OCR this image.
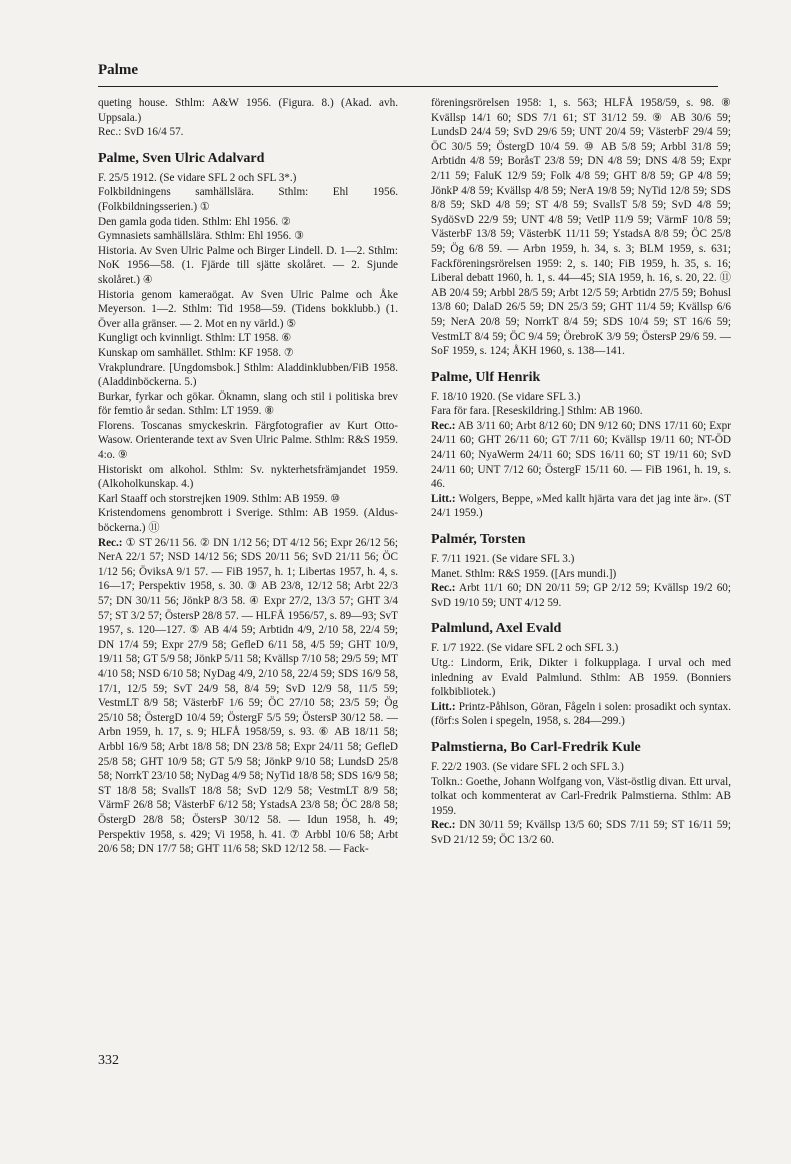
Palme

queting house. Sthlm: A&W 1956. (Figura. 8.) (Akad. avh. Uppsala.)

Rec.: SvD 16/4 57.

Palme, Sven Ulric Adalvard

F. 25/5 1912. (Se vidare SFL 2 och SFL 3*.)

Folkbildningens samhällslära. Sthlm: Ehl 1956. (Folkbildningsserien.) ①

Den gamla goda tiden. Sthlm: Ehl 1956. ②

Gymnasiets samhällslära. Sthlm: Ehl 1956. ③

Historia. Av Sven Ulric Palme och Birger Lindell. D. 1—2. Sthlm: NoK 1956—58. (1. Fjärde till sjätte skolåret. — 2. Sjunde skolåret.) ④

Historia genom kameraögat. Av Sven Ulric Palme och Åke Meyerson. 1—2. Sthlm: Tid 1958—59. (Tidens bokklubb.) (1. Över alla gränser. — 2. Mot en ny värld.) ⑤

Kungligt och kvinnligt. Sthlm: LT 1958. ⑥

Kunskap om samhället. Sthlm: KF 1958. ⑦

Vrakplundrare. [Ungdomsbok.] Sthlm: Aladdinklubben/FiB 1958. (Aladdinböckerna. 5.)

Burkar, fyrkar och gökar. Öknamn, slang och stil i politiska brev för femtio år sedan. Sthlm: LT 1959. ⑧

Florens. Toscanas smyckeskrin. Färgfotografier av Kurt Otto-Wasow. Orienterande text av Sven Ulric Palme. Sthlm: R&S 1959. 4:o. ⑨

Historiskt om alkohol. Sthlm: Sv. nykterhetsfrämjandet 1959. (Alkoholkunskap. 4.)

Karl Staaff och storstrejken 1909. Sthlm: AB 1959. ⑩

Kristendomens genombrott i Sverige. Sthlm: AB 1959. (Aldus-böckerna.) ⑪

Rec.: ① ST 26/11 56. ② DN 1/12 56; DT 4/12 56; Expr 26/12 56; NerA 22/1 57; NSD 14/12 56; SDS 20/11 56; SvD 21/11 56; ÖC 1/12 56; ÖviksA 9/1 57. — FiB 1957, h. 1; Libertas 1957, h. 4, s. 16—17; Perspektiv 1958, s. 30. ③ AB 23/8, 12/12 58; Arbt 22/3 57; DN 30/11 56; JönkP 8/3 58. ④ Expr 27/2, 13/3 57; GHT 3/4 57; ST 3/2 57; ÖstersP 28/8 57. — HLFÅ 1956/57, s. 89—93; SvT 1957, s. 120—127. ⑤ AB 4/4 59; Arbtidn 4/9, 2/10 58, 22/4 59; DN 17/4 59; Expr 27/9 58; GefleD 6/11 58, 4/5 59; GHT 10/9, 19/11 58; GT 5/9 58; JönkP 5/11 58; Kvällsp 7/10 58; 29/5 59; MT 4/10 58; NSD 6/10 58; NyDag 4/9, 2/10 58, 22/4 59; SDS 16/9 58, 17/1, 12/5 59; SvT 24/9 58, 8/4 59; SvD 12/9 58, 11/5 59; VestmLT 8/9 58; VästerbF 1/6 59; ÖC 27/10 58; 23/5 59; Ög 25/10 58; ÖstergD 10/4 59; ÖstergF 5/5 59; ÖstersP 30/12 58. — Arbn 1959, h. 17, s. 9; HLFÅ 1958/59, s. 93. ⑥ AB 18/11 58; Arbbl 16/9 58; Arbt 18/8 58; DN 23/8 58; Expr 24/11 58; GefleD 25/8 58; GHT 10/9 58; GT 5/9 58; JönkP 9/10 58; LundsD 25/8 58; NorrkT 23/10 58; NyDag 4/9 58; NyTid 18/8 58; SDS 16/9 58; ST 18/8 58; SvallsT 18/8 58; SvD 12/9 58; VestmLT 8/9 58; VärmF 26/8 58; VästerbF 6/12 58; YstadsA 23/8 58; ÖC 28/8 58; ÖstergD 28/8 58; ÖstersP 30/12 58. — Idun 1958, h. 49; Perspektiv 1958, s. 429; Vi 1958, h. 41. ⑦ Arbbl 10/6 58; Arbt 20/6 58; DN 17/7 58; GHT 11/6 58; SkD 12/12 58. — Fack-

föreningsrörelsen 1958: 1, s. 563; HLFÅ 1958/59, s. 98. ⑧ Kvällsp 14/1 60; SDS 7/1 61; ST 31/12 59. ⑨ AB 30/6 59; LundsD 24/4 59; SvD 29/6 59; UNT 20/4 59; VästerbF 29/4 59; ÖC 30/5 59; ÖstergD 10/4 59. ⑩ AB 5/8 59; Arbbl 31/8 59; Arbtidn 4/8 59; BoråsT 23/8 59; DN 4/8 59; DNS 4/8 59; Expr 2/11 59; FaluK 12/9 59; Folk 4/8 59; GHT 8/8 59; GP 4/8 59; JönkP 4/8 59; Kvällsp 4/8 59; NerA 19/8 59; NyTid 12/8 59; SDS 8/8 59; SkD 4/8 59; ST 4/8 59; SvallsT 5/8 59; SvD 4/8 59; SydöSvD 22/9 59; UNT 4/8 59; VetlP 11/9 59; VärmF 10/8 59; VästerbF 13/8 59; VästerbK 11/11 59; YstadsA 8/8 59; ÖC 25/8 59; Ög 6/8 59. — Arbn 1959, h. 34, s. 3; BLM 1959, s. 631; Fackföreningsrörelsen 1959: 2, s. 140; FiB 1959, h. 35, s. 16; Liberal debatt 1960, h. 1, s. 44—45; SIA 1959, h. 16, s. 20, 22. ⑪ AB 20/4 59; Arbbl 28/5 59; Arbt 12/5 59; Arbtidn 27/5 59; Bohusl 13/8 60; DalaD 26/5 59; DN 25/3 59; GHT 11/4 59; Kvällsp 6/6 59; NerA 20/8 59; NorrkT 8/4 59; SDS 10/4 59; ST 16/6 59; VestmLT 8/4 59; ÖC 9/4 59; ÖrebroK 3/9 59; ÖstersP 29/6 59. — SoF 1959, s. 124; ÅKH 1960, s. 138—141.

Palme, Ulf Henrik

F. 18/10 1920. (Se vidare SFL 3.)

Fara för fara. [Reseskildring.] Sthlm: AB 1960.

Rec.: AB 3/11 60; Arbt 8/12 60; DN 9/12 60; DNS 17/11 60; Expr 24/11 60; GHT 26/11 60; GT 7/11 60; Kvällsp 19/11 60; NT-ÖD 24/11 60; NyaWerm 24/11 60; SDS 16/11 60; ST 19/11 60; SvD 24/11 60; UNT 7/12 60; ÖstergF 15/11 60. — FiB 1961, h. 19, s. 46.

Litt.: Wolgers, Beppe, »Med kallt hjärta vara det jag inte är». (ST 24/1 1959.)

Palmér, Torsten

F. 7/11 1921. (Se vidare SFL 3.)

Manet. Sthlm: R&S 1959. ([Ars mundi.])

Rec.: Arbt 11/1 60; DN 20/11 59; GP 2/12 59; Kvällsp 19/2 60; SvD 19/10 59; UNT 4/12 59.

Palmlund, Axel Evald

F. 1/7 1922. (Se vidare SFL 2 och SFL 3.)

Utg.: Lindorm, Erik, Dikter i folkupplaga. I urval och med inledning av Evald Palmlund. Sthlm: AB 1959. (Bonniers folkbibliotek.)

Litt.: Printz-Påhlson, Göran, Fågeln i solen: prosadikt och syntax. (förf:s Solen i spegeln, 1958, s. 284—299.)

Palmstierna, Bo Carl-Fredrik Kule

F. 22/2 1903. (Se vidare SFL 2 och SFL 3.)

Tolkn.: Goethe, Johann Wolfgang von, Väst-östlig divan. Ett urval, tolkat och kommenterat av Carl-Fredrik Palmstierna. Sthlm: AB 1959.

Rec.: DN 30/11 59; Kvällsp 13/5 60; SDS 7/11 59; ST 16/11 59; SvD 21/12 59; ÖC 13/2 60.

332
